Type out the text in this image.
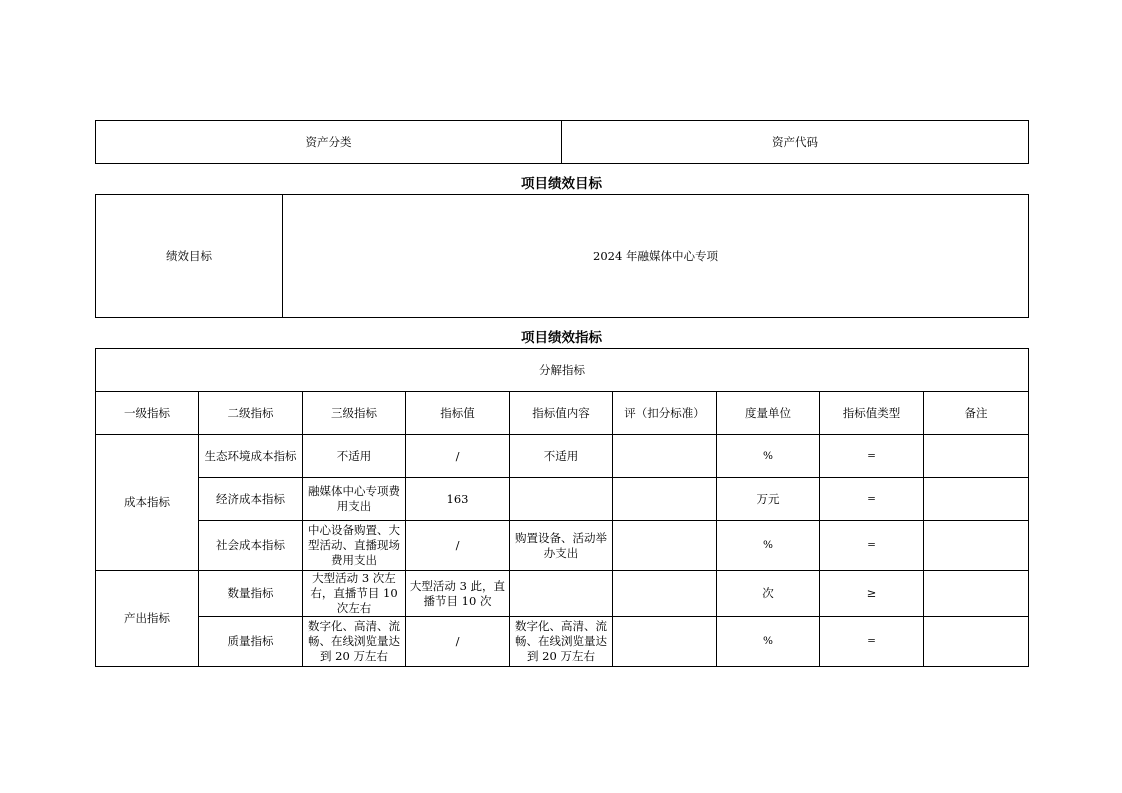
资产分类	资产代码
项目绩效目标
绩效目标	2024 年融媒体中心专项
项目绩效指标
分解指标								
一级指标	二级指标	三级指标	指标值	指标值内容	评（扣分标准）	度量单位	指标值类型	备注
成本指标	生态环境成本指标	不适用	/	不适用		%	=	
	经济成本指标	融媒体中心专项费用支出	163			万元	=	
	社会成本指标	中心设备购置、大型活动、直播现场费用支出	/	购置设备、活动举办支出		%	=	
产出指标	数量指标	大型活动 3 次左右，直播节目 10 次左右	大型活动 3 此，直播节目 10 次			次	≥	
	质量指标	数字化、高清、流畅、在线浏览量达到 20 万左右	/	数字化、高清、流畅、在线浏览量达到 20 万左右		%	=	
